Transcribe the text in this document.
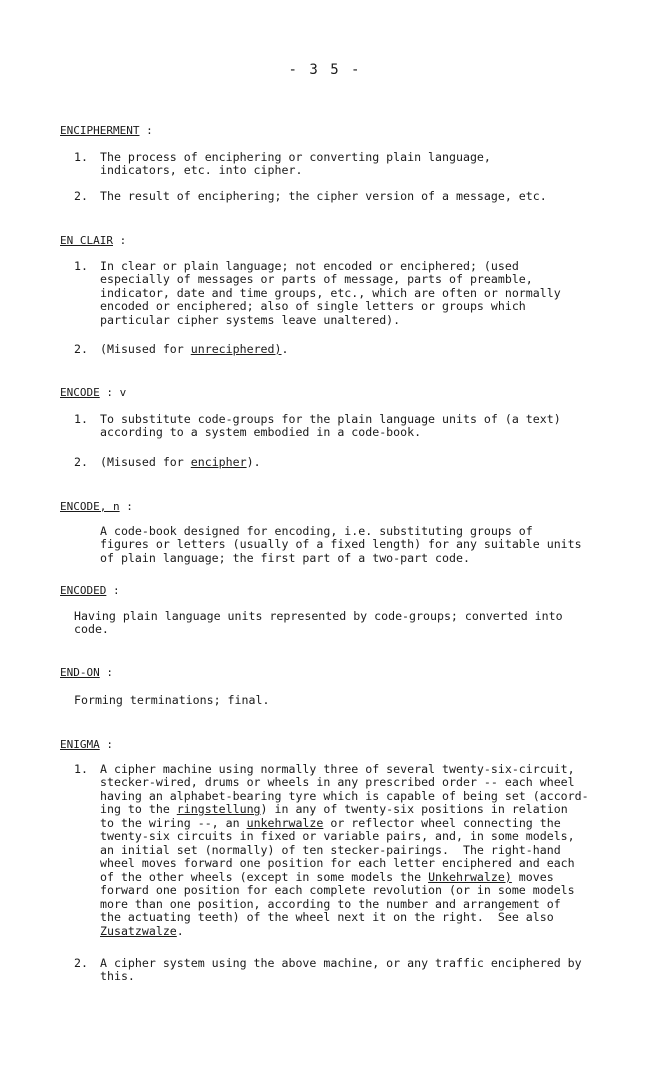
- 3 5 -
ENCIPHERMENT :
1. The process of enciphering or converting plain language,
indicators, etc. into cipher.
2. The result of enciphering; the cipher version of a message, etc.
EN CLAIR :
1. In clear or plain language; not encoded or enciphered; (used
especially of messages or parts of message, parts of preamble,
indicator, date and time groups, etc., which are often or normally
encoded or enciphered; also of single letters or groups which
particular cipher systems leave unaltered).
2. (Misused for unreciphered).
ENCODE : v
1. To substitute code-groups for the plain language units of (a text)
according to a system embodied in a code-book.
2. (Misused for encipher).
ENCODE, n :
A code-book designed for encoding, i.e. substituting groups of
figures or letters (usually of a fixed length) for any suitable units
of plain language; the first part of a two-part code.
ENCODED :
Having plain language units represented by code-groups; converted into
code.
END-ON :
Forming terminations; final.
ENIGMA :
1. A cipher machine using normally three of several twenty-six-circuit,
stecker-wired, drums or wheels in any prescribed order -- each wheel
having an alphabet-bearing tyre which is capable of being set (accord-
ing to the ringstellung) in any of twenty-six positions in relation
to the wiring --, an unkehrwalze or reflector wheel connecting the
twenty-six circuits in fixed or variable pairs, and, in some models,
an initial set (normally) of ten stecker-pairings.  The right-hand
wheel moves forward one position for each letter enciphered and each
of the other wheels (except in some models the Unkehrwalze) moves
forward one position for each complete revolution (or in some models
more than one position, according to the number and arrangement of
the actuating teeth) of the wheel next it on the right.  See also
Zusatzwalze.
2. A cipher system using the above machine, or any traffic enciphered by
this.
